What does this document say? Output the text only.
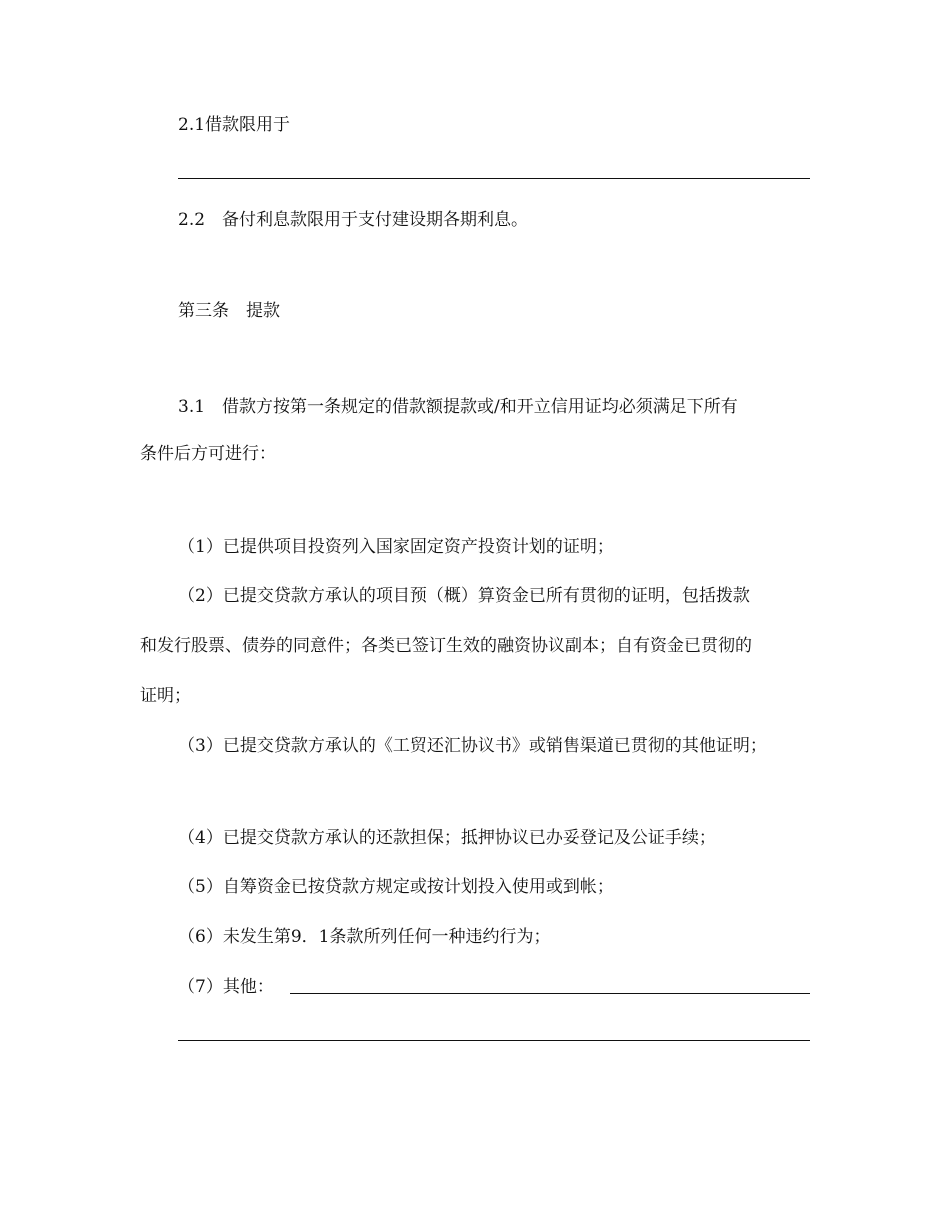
2.1借款限用于
2.2　备付利息款限用于支付建设期各期利息。
第三条　提款
3.1　借款方按第一条规定的借款额提款或/和开立信用证均必须满足下所有
条件后方可进行：
（1）已提供项目投资列入国家固定资产投资计划的证明；
（2）已提交贷款方承认的项目预（概）算资金已所有贯彻的证明，包括拨款
和发行股票、债券的同意件；各类已签订生效的融资协议副本；自有资金已贯彻的
证明；
（3）已提交贷款方承认的《工贸还汇协议书》或销售渠道已贯彻的其他证明；
（4）已提交贷款方承认的还款担保；抵押协议已办妥登记及公证手续；
（5）自筹资金已按贷款方规定或按计划投入使用或到帐；
（6）未发生第9．1条款所列任何一种违约行为；
（7）其他：
